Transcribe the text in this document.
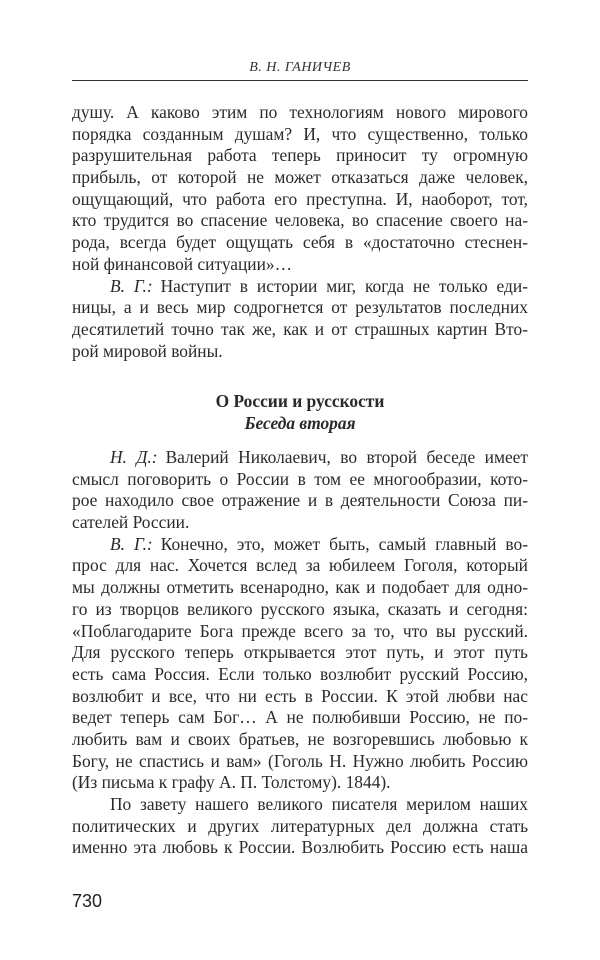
В. Н. ГАНИЧЕВ
душу. А каково этим по технологиям нового мирового
порядка созданным душам? И, что существенно, только
разрушительная работа теперь приносит ту огромную
прибыль, от которой не может отказаться даже человек,
ощущающий, что работа его преступна. И, наоборот, тот,
кто трудится во спасение человека, во спасение своего на-
рода, всегда будет ощущать себя в «достаточно стеснен-
ной финансовой ситуации»…
В. Г.: Наступит в истории миг, когда не только еди-
ницы, а и весь мир содрогнется от результатов последних
десятилетий точно так же, как и от страшных картин Вто-
рой мировой войны.
О России и русскости
Беседа вторая
Н. Д.: Валерий Николаевич, во второй беседе имеет
смысл поговорить о России в том ее многообразии, кото-
рое находило свое отражение и в деятельности Союза пи-
сателей России.
В. Г.: Конечно, это, может быть, самый главный во-
прос для нас. Хочется вслед за юбилеем Гоголя, который
мы должны отметить всенародно, как и подобает для одно-
го из творцов великого русского языка, сказать и сегодня:
«Поблагодарите Бога прежде всего за то, что вы русский.
Для русского теперь открывается этот путь, и этот путь
есть сама Россия. Если только возлюбит русский Россию,
возлюбит и все, что ни есть в России. К этой любви нас
ведет теперь сам Бог… А не полюбивши Россию, не по-
любить вам и своих братьев, не возгоревшись любовью к
Богу, не спастись и вам» (Гоголь Н. Нужно любить Россию
(Из письма к графу А. П. Толстому). 1844).
По завету нашего великого писателя мерилом наших
политических и других литературных дел должна стать
именно эта любовь к России. Возлюбить Россию есть наша
730
